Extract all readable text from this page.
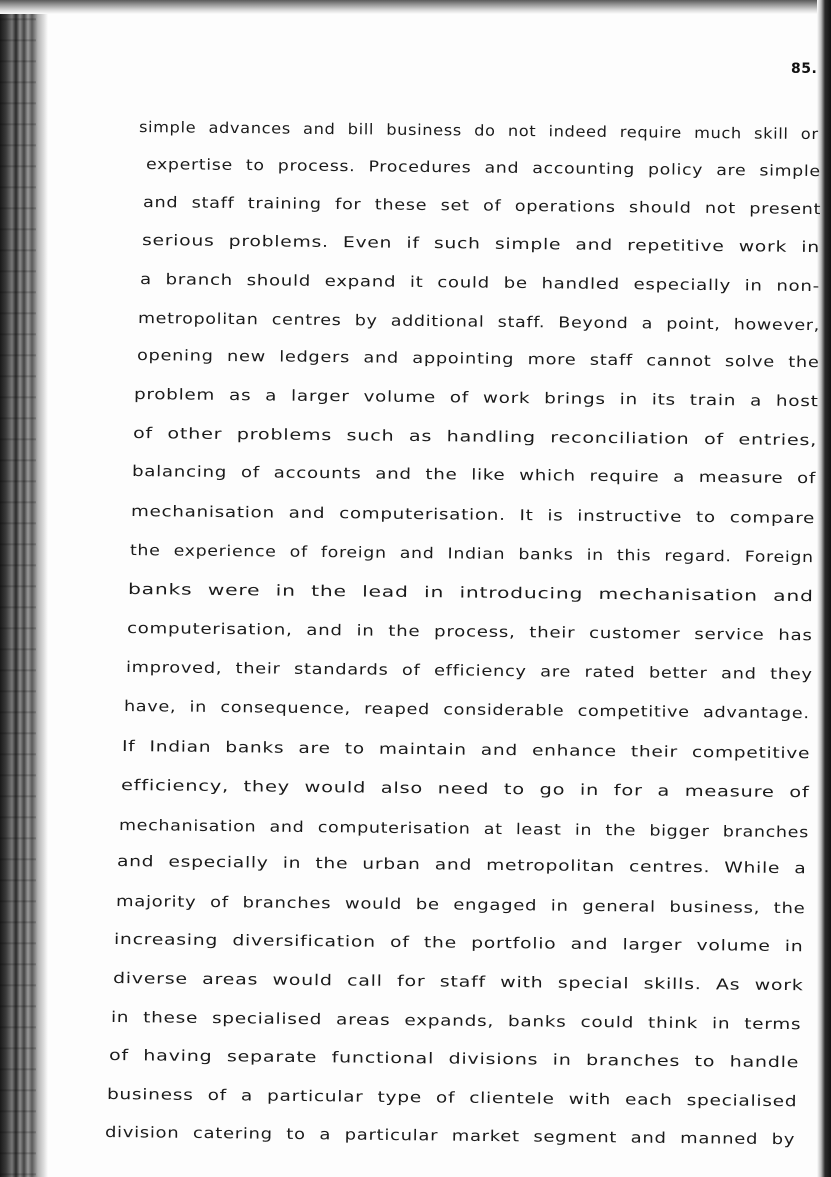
85.
simple advances and bill business do not indeed require much skill or
expertise to process. Procedures and accounting policy are simple
and staff training for these set of operations should not present
serious problems. Even if such simple and repetitive work in
a branch should expand it could be handled especially in non-
metropolitan centres by additional staff. Beyond a point, however,
opening new ledgers and appointing more staff cannot solve the
problem as a larger volume of work brings in its train a host
of other problems such as handling reconciliation of entries,
balancing of accounts and the like which require a measure of
mechanisation and computerisation. It is instructive to compare
the experience of foreign and Indian banks in this regard. Foreign
banks were in the lead in introducing mechanisation and
computerisation, and in the process, their customer service has
improved, their standards of efficiency are rated better and they
have, in consequence, reaped considerable competitive advantage.
If Indian banks are to maintain and enhance their competitive
efficiency, they would also need to go in for a measure of
mechanisation and computerisation at least in the bigger branches
and especially in the urban and metropolitan centres. While a
majority of branches would be engaged in general business, the
increasing diversification of the portfolio and larger volume in
diverse areas would call for staff with special skills. As work
in these specialised areas expands, banks could think in terms
of having separate functional divisions in branches to handle
business of a particular type of clientele with each specialised
division catering to a particular market segment and manned by
